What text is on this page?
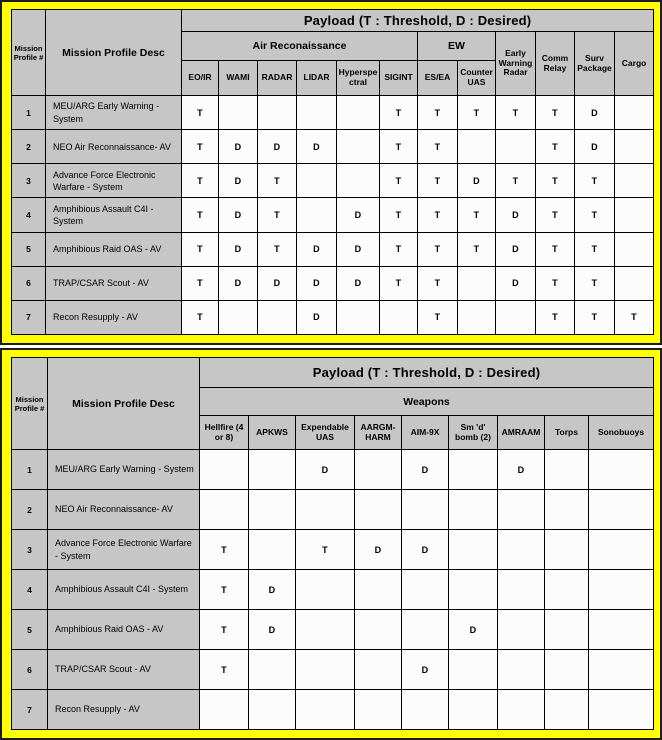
Mission Profile #	Mission Profile Desc	Payload (T : Threshold, D : Desired)											
		Air Reconaissance						EW		Early Warning Radar	Comm Relay	Surv Package	Cargo
		EO/IR	WAMI	RADAR	LIDAR	Hyperspectral	SIGINT	ES/EA	Counter UAS				
1	MEU/ARG Early Warning - System	T					T	T	T	T	T	D	
2	NEO Air Reconnaissance- AV	T	D	D	D		T	T			T	D	
3	Advance Force Electronic Warfare - System	T	D	T			T	T	D	T	T	T	
4	Amphibious Assault C4I - System	T	D	T		D	T	T	T	D	T	T	
5	Amphibious Raid OAS - AV	T	D	T	D	D	T	T	T	D	T	T	
6	TRAP/CSAR Scout - AV	T	D	D	D	D	T	T		D	T	T	
7	Recon Resupply - AV	T			D			T			T	T	T
Mission Profile #	Mission Profile Desc	Payload (T : Threshold, D : Desired)								
		Weapons								
		Hellfire (4 or 8)	APKWS	Expendable UAS	AARGM-HARM	AIM-9X	Sm 'd' bomb (2)	AMRAAM	Torps	Sonobuoys
1	MEU/ARG Early Warning - System			D		D		D		
2	NEO Air Reconnaissance- AV									
3	Advance Force Electronic Warfare - System	T		T	D	D				
4	Amphibious Assault C4I - System	T	D							
5	Amphibious Raid OAS - AV	T	D				D			
6	TRAP/CSAR Scout - AV	T				D				
7	Recon Resupply - AV									
